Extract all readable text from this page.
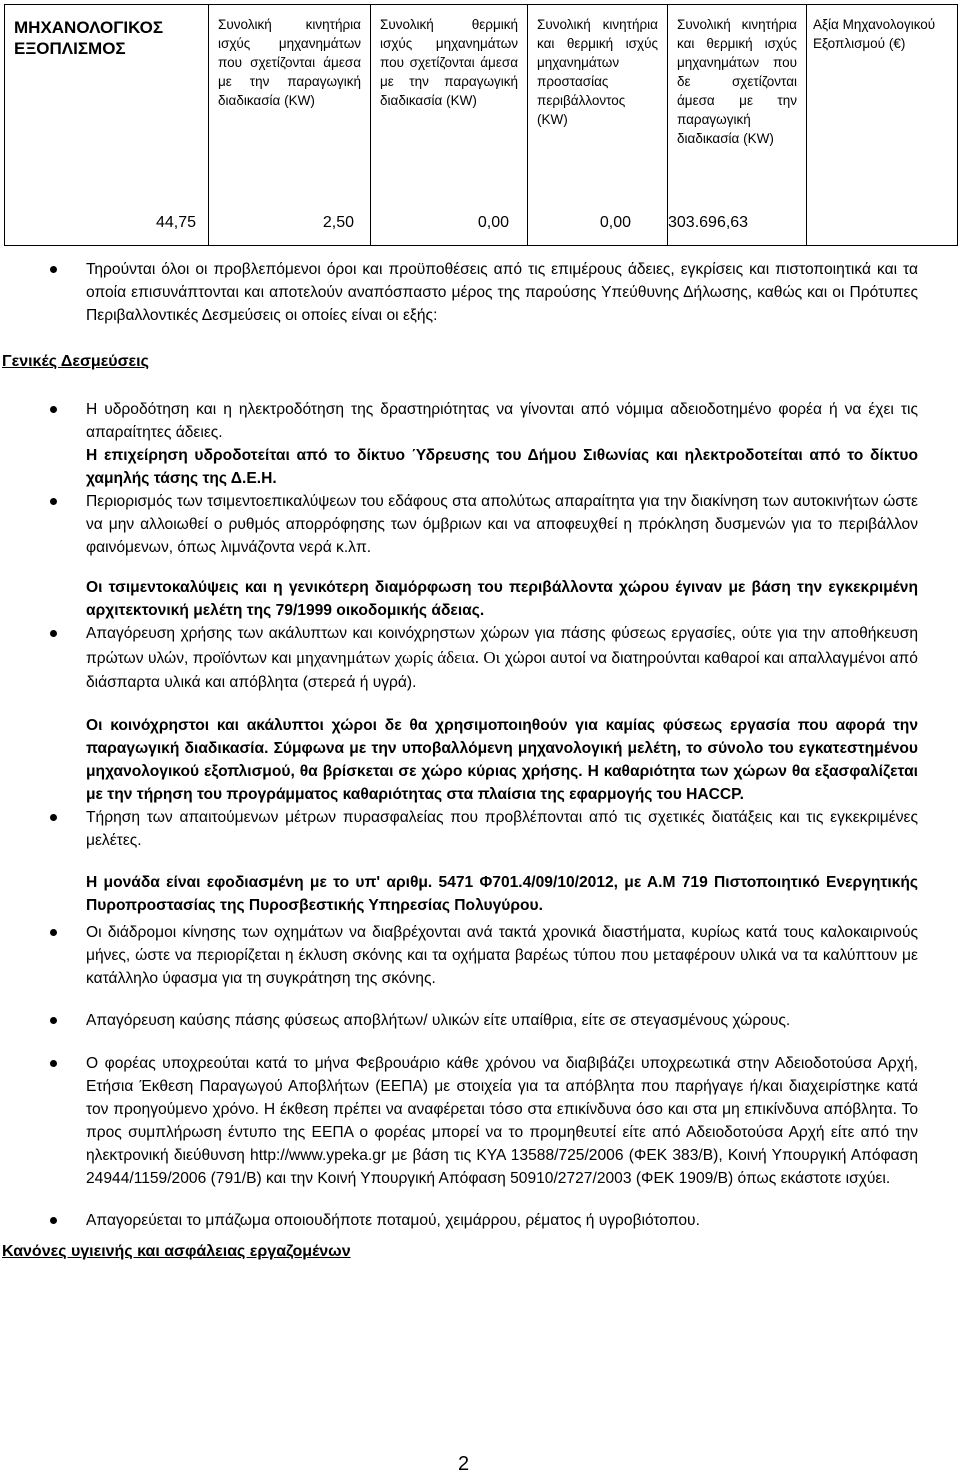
ΜΗΧΑΝΟΛΟΓΙΚΟΣ ΕΞΟΠΛΙΣΜΟΣ	Συνολική κινητήρια ισχύς μηχανημάτων που σχετίζονται άμεσα με την παραγωγική διαδικασία (KW)	Συνολική θερμική ισχύς μηχανημάτων που σχετίζονται άμεσα με την παραγωγική διαδικασία (KW)	Συνολική κινητήρια και θερμική ισχύς μηχανημάτων προστασίας περιβάλλοντος (KW)	Συνολική κινητήρια και θερμική ισχύς μηχανημάτων που δε σχετίζονται άμεσα με την παραγωγική διαδικασία (KW)	Αξία Μηχανολογικού Εξοπλισμού (€)
44,75	2,50	0,00	0,00	303.696,63	
Τηρούνται όλοι οι προβλεπόμενοι όροι και προϋποθέσεις από τις επιμέρους άδειες, εγκρίσεις και πιστοποιητικά και τα οποία επισυνάπτονται και αποτελούν αναπόσπαστο μέρος της παρούσης Υπεύθυνης Δήλωσης, καθώς και οι Πρότυπες Περιβαλλοντικές Δεσμεύσεις οι οποίες είναι οι εξής:
Γενικές Δεσμεύσεις
Η υδροδότηση και η ηλεκτροδότηση της δραστηριότητας να γίνονται από νόμιμα αδειοδοτημένο φορέα ή να έχει τις απαραίτητες άδειες.
Η επιχείρηση υδροδοτείται από το δίκτυο Ύδρευσης του Δήμου Σιθωνίας και ηλεκτροδοτείται από το δίκτυο χαμηλής τάσης της Δ.Ε.Η.
Περιορισμός των τσιμεντοεπικαλύψεων του εδάφους στα απολύτως απαραίτητα για την διακίνηση των αυτοκινήτων ώστε να μην αλλοιωθεί ο ρυθμός απορρόφησης των όμβριων και να αποφευχθεί η πρόκληση δυσμενών για το περιβάλλον φαινόμενων, όπως λιμνάζοντα νερά κ.λπ.
Οι τσιμεντοκαλύψεις και η γενικότερη διαμόρφωση του περιβάλλοντα χώρου έγιναν με βάση την εγκεκριμένη αρχιτεκτονική μελέτη της 79/1999 οικοδομικής άδειας.
Απαγόρευση χρήσης των ακάλυπτων και κοινόχρηστων χώρων για πάσης φύσεως εργασίες, ούτε για την αποθήκευση πρώτων υλών, προϊόντων και μηχανημάτων χωρίς άδεια. Οι χώροι αυτοί να διατηρούνται καθαροί και απαλλαγμένοι από διάσπαρτα υλικά και απόβλητα (στερεά ή υγρά).
Οι κοινόχρηστοι και ακάλυπτοι χώροι δε θα χρησιμοποιηθούν για καμίας φύσεως εργασία που αφορά την παραγωγική διαδικασία. Σύμφωνα με την υποβαλλόμενη μηχανολογική μελέτη, το σύνολο του εγκατεστημένου μηχανολογικού εξοπλισμού, θα βρίσκεται σε χώρο κύριας χρήσης. Η καθαριότητα των χώρων θα εξασφαλίζεται με την τήρηση του προγράμματος καθαριότητας στα πλαίσια της εφαρμογής του HACCP.
Τήρηση των απαιτούμενων μέτρων πυρασφαλείας που προβλέπονται από τις σχετικές διατάξεις και τις εγκεκριμένες μελέτες.
Η μονάδα είναι εφοδιασμένη με το υπ' αριθμ. 5471 Φ701.4/09/10/2012, με Α.Μ 719 Πιστοποιητικό Ενεργητικής Πυροπροστασίας της Πυροσβεστικής Υπηρεσίας Πολυγύρου.
Οι διάδρομοι κίνησης των οχημάτων να διαβρέχονται ανά τακτά χρονικά διαστήματα, κυρίως κατά τους καλοκαιρινούς μήνες, ώστε να περιορίζεται η έκλυση σκόνης και τα οχήματα βαρέως τύπου που μεταφέρουν υλικά να τα καλύπτουν με κατάλληλο ύφασμα για τη συγκράτηση της σκόνης.
Απαγόρευση καύσης πάσης φύσεως αποβλήτων/ υλικών είτε υπαίθρια, είτε σε στεγασμένους χώρους.
Ο φορέας υποχρεούται κατά το μήνα Φεβρουάριο κάθε χρόνου να διαβιβάζει υποχρεωτικά στην Αδειοδοτούσα Αρχή, Ετήσια Έκθεση Παραγωγού Αποβλήτων (ΕΕΠΑ) με στοιχεία για τα απόβλητα που παρήγαγε ή/και διαχειρίστηκε κατά τον προηγούμενο χρόνο. Η έκθεση πρέπει να αναφέρεται τόσο στα επικίνδυνα όσο και στα μη επικίνδυνα απόβλητα. Το προς συμπλήρωση έντυπο της ΕΕΠΑ ο φορέας μπορεί να το προμηθευτεί είτε από Αδειοδοτούσα Αρχή είτε από την ηλεκτρονική διεύθυνση http://www.ypeka.gr με βάση τις ΚΥΑ 13588/725/2006 (ΦΕΚ 383/Β), Κοινή Υπουργική Απόφαση 24944/1159/2006 (791/Β) και την Κοινή Υπουργική Απόφαση 50910/2727/2003 (ΦΕΚ 1909/Β) όπως εκάστοτε ισχύει.
Απαγορεύεται το μπάζωμα οποιουδήποτε ποταμού, χειμάρρου, ρέματος ή υγροβιότοπου.
Κανόνες υγιεινής και ασφάλειας εργαζομένων
2
